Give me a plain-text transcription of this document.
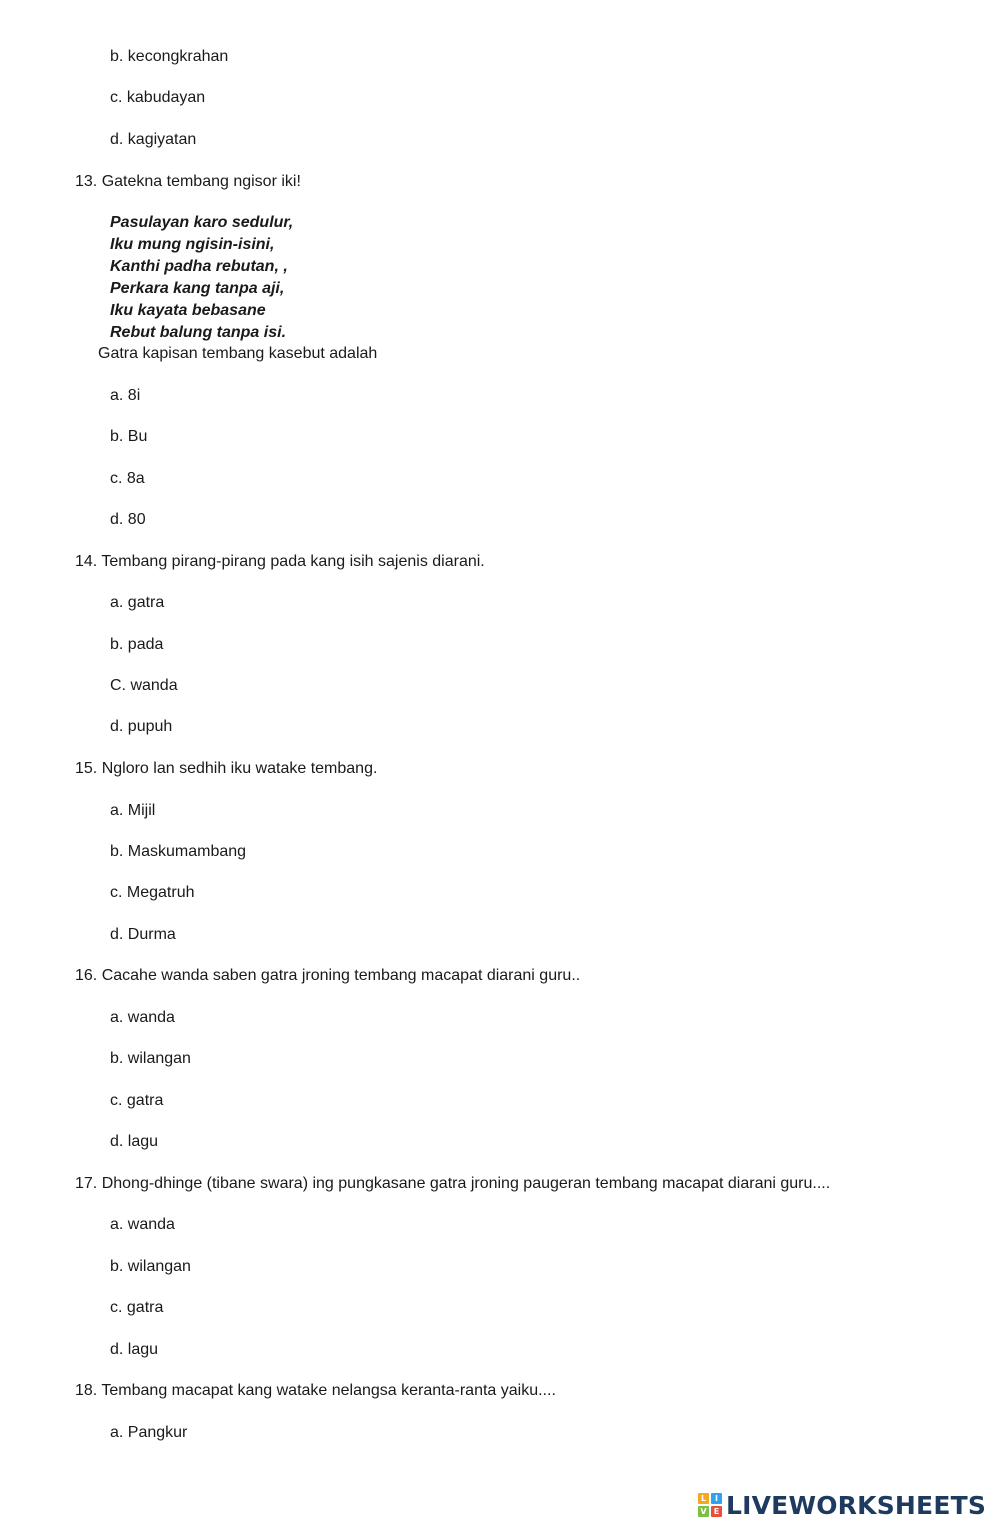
b. kecongkrahan
c. kabudayan
d. kagiyatan
13. Gatekna tembang ngisor iki!
Pasulayan karo sedulur,
Iku mung ngisin-isini,
Kanthi padha rebutan, ,
Perkara kang tanpa aji,
Iku kayata bebasane
Rebut balung tanpa isi.
Gatra kapisan tembang kasebut adalah
a. 8i
b. Bu
c. 8a
d. 80
14. Tembang pirang-pirang pada kang isih sajenis diarani.
a. gatra
b. pada
C. wanda
d. pupuh
15. Ngloro lan sedhih iku watake tembang.
a. Mijil
b. Maskumambang
c. Megatruh
d. Durma
16. Cacahe wanda saben gatra jroning tembang macapat diarani guru..
a. wanda
b. wilangan
c. gatra
d. lagu
17. Dhong-dhinge (tibane swara) ing pungkasane gatra jroning paugeran tembang macapat diarani guru....
a. wanda
b. wilangan
c. gatra
d. lagu
18. Tembang macapat kang watake nelangsa keranta-ranta yaiku....
a. Pangkur
L	I
V E LIVEWORKSHEETS
